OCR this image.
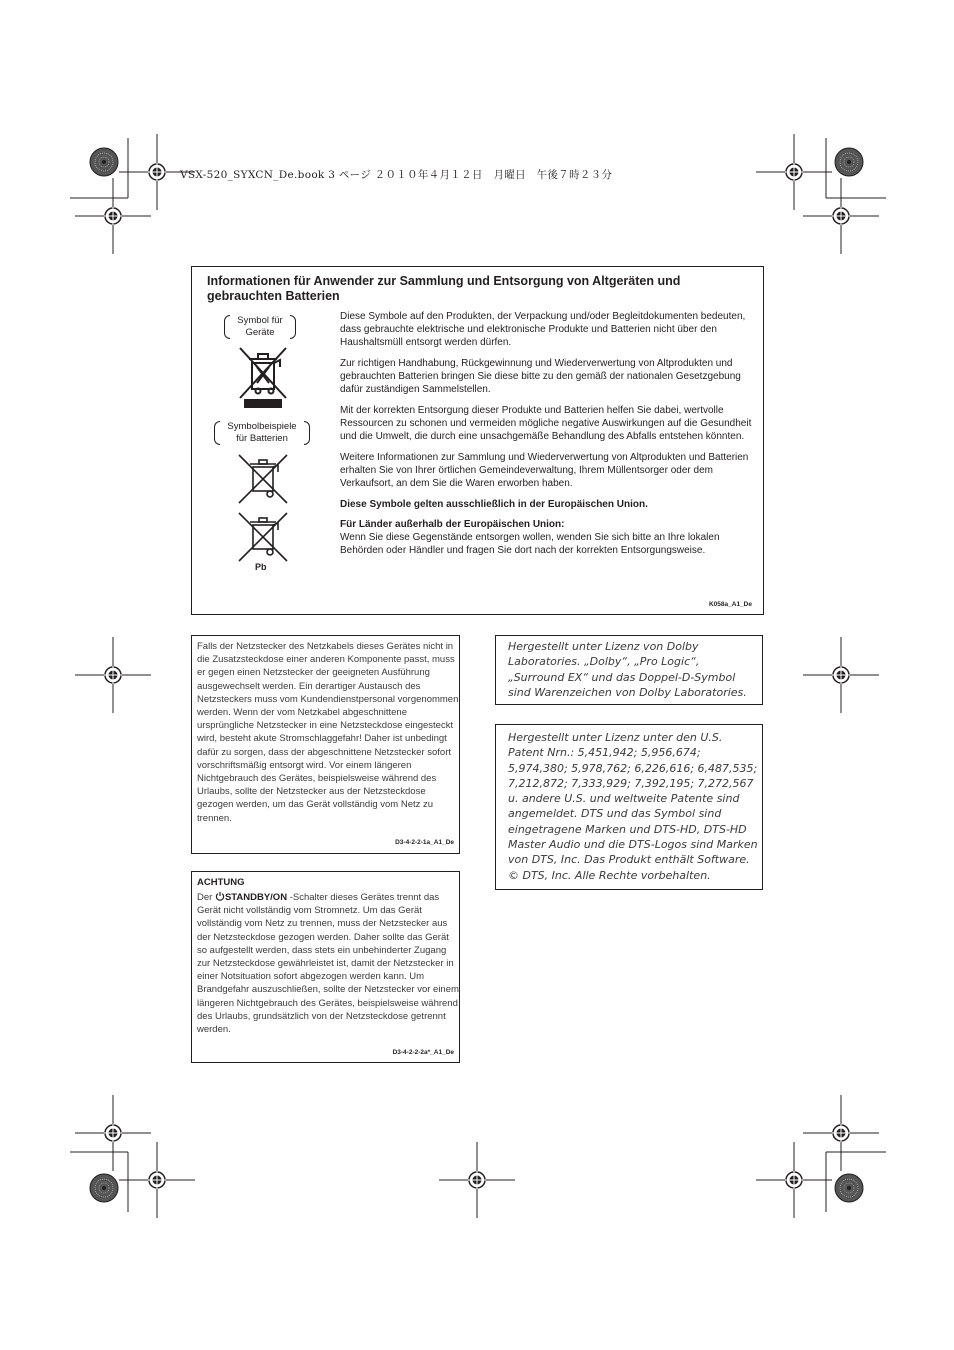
VSX-520_SYXCN_De.book 3 ページ ２０１０年４月１２日　月曜日　午後７時２３分
Informationen für Anwender zur Sammlung und Entsorgung von Altgeräten und gebrauchten Batterien
Symbol für Geräte
Symbolbeispiele für Batterien
Pb

Diese Symbole auf den Produkten, der Verpackung und/oder Begleitdokumenten bedeuten, dass gebrauchte elektrische und elektronische Produkte und Batterien nicht über den Haushaltsmüll entsorgt werden dürfen.

Zur richtigen Handhabung, Rückgewinnung und Wiederverwertung von Altprodukten und gebrauchten Batterien bringen Sie diese bitte zu den gemäß der nationalen Gesetzgebung dafür zuständigen Sammelstellen.

Mit der korrekten Entsorgung dieser Produkte und Batterien helfen Sie dabei, wertvolle Ressourcen zu schonen und vermeiden mögliche negative Auswirkungen auf die Gesundheit und die Umwelt, die durch eine unsachgemäße Behandlung des Abfalls entstehen könnten.

Weitere Informationen zur Sammlung und Wiederverwertung von Altprodukten und Batterien erhalten Sie von Ihrer örtlichen Gemeindeverwaltung, Ihrem Müllentsorger oder dem Verkaufsort, an dem Sie die Waren erworben haben.

Diese Symbole gelten ausschließlich in der Europäischen Union.

Für Länder außerhalb der Europäischen Union:

Wenn Sie diese Gegenstände entsorgen wollen, wenden Sie sich bitte an Ihre lokalen Behörden oder Händler und fragen Sie dort nach der korrekten Entsorgungsweise.

K058a_A1_De
Falls der Netzstecker des Netzkabels dieses Gerätes nicht in die Zusatzsteckdose einer anderen Komponente passt, muss er gegen einen Netzstecker der geeigneten Ausführung ausgewechselt werden. Ein derartiger Austausch des Netzsteckers muss vom Kundendienstpersonal vorgenommen werden. Wenn der vom Netzkabel abgeschnittene ursprüngliche Netzstecker in eine Netzsteckdose eingesteckt wird, besteht akute Stromschlaggefahr! Daher ist unbedingt dafür zu sorgen, dass der abgeschnittene Netzstecker sofort vorschriftsmäßig entsorgt wird. Vor einem längeren Nichtgebrauch des Gerätes, beispielsweise während des Urlaubs, sollte der Netzstecker aus der Netzsteckdose gezogen werden, um das Gerät vollständig vom Netz zu trennen.
D3-4-2-2-1a_A1_De
ACHTUNG
Der STANDBY/ON -Schalter dieses Gerätes trennt das Gerät nicht vollständig vom Stromnetz. Um das Gerät vollständig vom Netz zu trennen, muss der Netzstecker aus der Netzsteckdose gezogen werden. Daher sollte das Gerät so aufgestellt werden, dass stets ein unbehinderter Zugang zur Netzsteckdose gewährleistet ist, damit der Netzstecker in einer Notsituation sofort abgezogen werden kann. Um Brandgefahr auszuschließen, sollte der Netzstecker vor einem längeren Nichtgebrauch des Gerätes, beispielsweise während des Urlaubs, grundsätzlich von der Netzsteckdose getrennt werden.
D3-4-2-2-2a*_A1_De
Hergestellt unter Lizenz von Dolby Laboratories. „Dolby“, „Pro Logic“, „Surround EX“ und das Doppel-D-Symbol sind Warenzeichen von Dolby Laboratories.
Hergestellt unter Lizenz unter den U.S. Patent Nrn.: 5,451,942; 5,956,674; 5,974,380; 5,978,762; 6,226,616; 6,487,535; 7,212,872; 7,333,929; 7,392,195; 7,272,567 u. andere U.S. und weltweite Patente sind angemeldet. DTS und das Symbol sind eingetragene Marken und DTS-HD, DTS-HD Master Audio und die DTS-Logos sind Marken von DTS, Inc. Das Produkt enthält Software. © DTS, Inc. Alle Rechte vorbehalten.
